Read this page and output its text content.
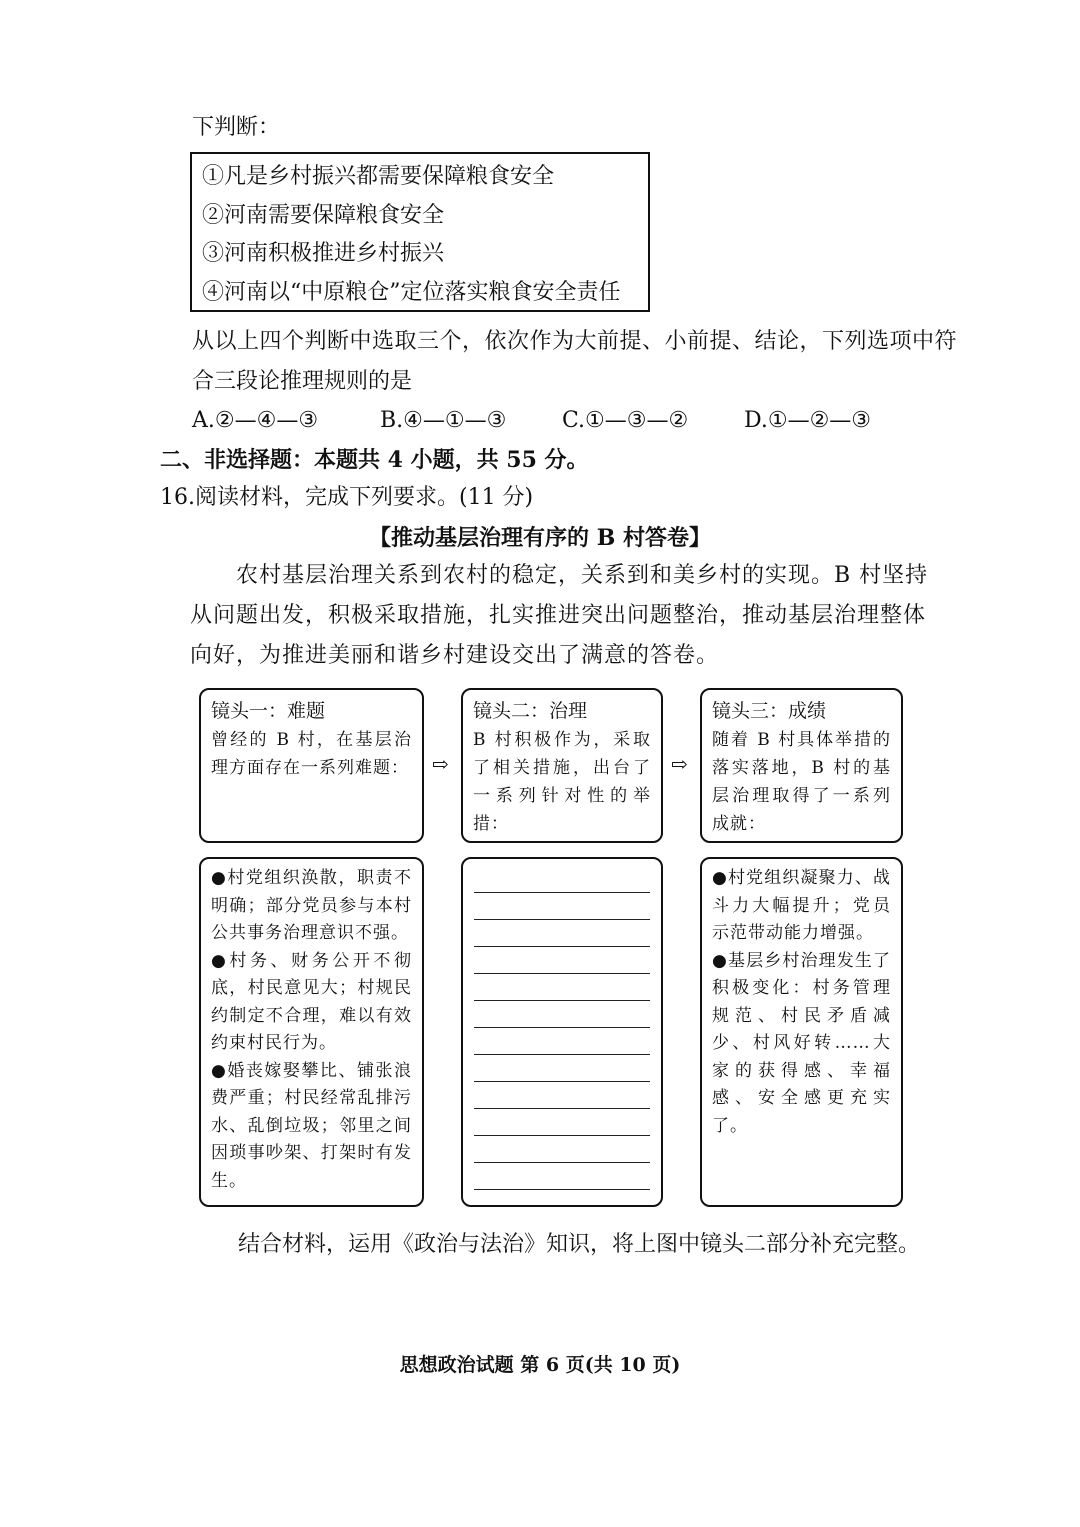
下判断：
①凡是乡村振兴都需要保障粮食安全
②河南需要保障粮食安全
③河南积极推进乡村振兴
④河南以“中原粮仓”定位落实粮食安全责任
从以上四个判断中选取三个，依次作为大前提、小前提、结论，下列选项中符
合三段论推理规则的是
A.②—④—③	B.④—①—③	C.①—③—②	D.①—②—③
二、非选择题：本题共 4 小题，共 55 分。
16.阅读材料，完成下列要求。(11 分)
【推动基层治理有序的 B 村答卷】
农村基层治理关系到农村的稳定，关系到和美乡村的实现。B 村坚持从问题出发，积极采取措施，扎实推进突出问题整治，推动基层治理整体向好，为推进美丽和谐乡村建设交出了满意的答卷。
镜头一：难题
曾经的 B 村，在基层治理方面存在一系列难题： ⇨
镜头二：治理
B 村积极作为，采取了相关措施，出台了一系列针对性的举措：
⇨
镜头三：成绩
随着 B 村具体举措的落实落地，B 村的基层治理取得了一系列成就：

●村党组织涣散，职责不明确；部分党员参与本村公共事务治理意识不强。

●村务、财务公开不彻底，村民意见大；村规民约制定不合理，难以有效约束村民行为。

●婚丧嫁娶攀比、铺张浪费严重；村民经常乱排污水、乱倒垃圾；邻里之间因琐事吵架、打架时有发生。

●村党组织凝聚力、战斗力大幅提升；党员示范带动能力增强。

●基层乡村治理发生了积极变化：村务管理规范、村民矛盾减少、村风好转……大家的获得感、幸福感、安全感更充实了。

结合材料，运用《政治与法治》知识，将上图中镜头二部分补充完整。
思想政治试题 第 6 页(共 10 页)
